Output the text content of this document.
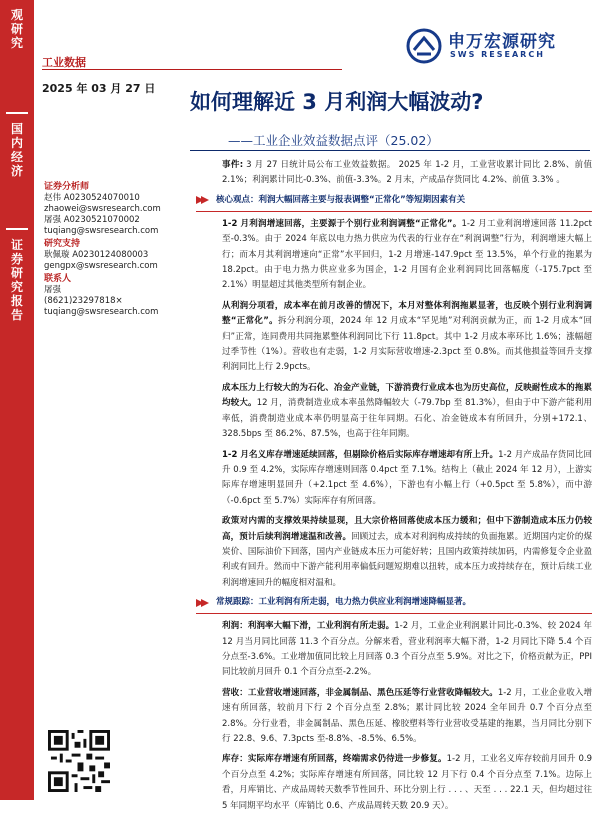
观
研
究
国
内
经
济
证
券
研
究
报
告
工业数据
2025 年 03 月 27 日
申万宏源研究
SWS RESEARCH
如何理解近 3 月利润大幅波动?
——工业企业效益数据点评（25.02）
证券分析师
赵伟 A0230524070010
zhaowei@swsresearch.com
屠强 A0230521070002
tuqiang@swsresearch.com
研究支持
耿佩璇 A0230124080003
gengpx@swsresearch.com
联系人
屠强
(8621)23297818×
tuqiang@swsresearch.com

事件: 3 月 27 日统计局公布工业效益数据。 2025 年 1-2 月，工业营收累计同比 2.8%、前值 2.1%；利润累计同比-0.3%、前值-3.3%。2 月末，产成品存货同比 4.2%、前值 3.3% 。

核心观点：利润大幅回落主要与报表调整“正常化”等短期因素有关

1-2 月利润增速回落，主要源于个别行业利润调整“正常化”。1-2 月工业利润增速回落 11.2pct 至-0.3%。由于 2024 年底以电力热力供应为代表的行业存在“利润调整”行为，利润增速大幅上行；而本月其利润增速向“正常”水平回归，1-2 月增速-147.9pct 至 13.5%，单个行业的拖累为 18.2pct。由于电力热力供应业多为国企，1-2 月国有企业利润同比回落幅度（-175.7pct 至 2.1%）明显超过其他类型所有制企业。

从利润分项看，成本率在前月改善的情况下，本月对整体利润拖累显著，也反映个别行业利润调整“正常化”。拆分利润分项，2024 年 12 月成本“罕见地”对利润贡献为正，而 1-2 月成本“回归”正常，连同费用共同拖累整体利润同比下行 11.8pct。其中 1-2 月成本率环比 1.6%；涨幅超过季节性（1%）。营收也有走弱，1-2 月实际营收增速-2.3pct 至 0.8%。而其他损益等回升支撑利润同比上行 2.9pcts。

成本压力上行较大的为石化、冶金产业链，下游消费行业成本也为历史高位，反映耐性成本的拖累均较大。12 月，消费制造业成本率虽然降幅较大（-79.7bp 至 81.3%），但由于中下游产能利用率低，消费制造业成本率仍明显高于往年同期。石化、冶金链成本有所回升，分别+172.1、328.5bps 至 86.2%、87.5%，也高于往年同期。

1-2 月名义库存增速延续回落，但剔除价格后实际库存增速却有所上升。1-2 月产成品存货同比回升 0.9 至 4.2%，实际库存增速则回落 0.4pct 至 7.1%。结构上（截止 2024 年 12 月），上游实际库存增速明显回升（+2.1pct 至 4.6%），下游也有小幅上行（+0.5pct 至 5.8%），而中游（-0.6pct 至 5.7%）实际库存有所回落。

政策对内需的支撑效果持续显现，且大宗价格回落使成本压力缓和；但中下游制造成本压力仍较高，预计后续利润增速温和改善。回顾过去，成本对利润构成持续的负面拖累。近期国内定价的煤炭价、国际油价下回落，国内产业链成本压力可能好转；且国内政策持续加码，内需修复令企业盈利或有回升。然而中下游产能利用率偏低问题短期难以扭转，成本压力或持续存在，预计后续工业利润增速回升的幅度相对温和。

常规跟踪：工业利润有所走弱，电力热力供应业利润增速降幅显著。

利润：利润率大幅下滑，工业利润有所走弱。1-2 月，工业企业利润累计同比-0.3%、较 2024 年 12 月当月同比回落 11.3 个百分点。分解来看，营业利润率大幅下滑，1-2 月同比下降 5.4 个百分点至-3.6%。工业增加值同比较上月回落 0.3 个百分点至 5.9%。对比之下，价格贡献为正，PPI 同比较前月回升 0.1 个百分点至-2.2%。

营收：工业营收增速回落，非金属制品、黑色压延等行业营收降幅较大。1-2 月，工业企业收入增速有所回落，较前月下行 2 个百分点至 2.8%；累计同比较 2024 全年回升 0.7 个百分点至 2.8%。分行业看，非金属制品、黑色压延、橡胶塑料等行业营收受基建的拖累，当月同比分别下行 22.8、9.6、7.3pcts 至-8.8%、-8.5%、6.5%。

库存：实际库存增速有所回落，终端需求仍待进一步修复。1-2 月，工业名义库存较前月回升 0.9 个百分点至 4.2%；实际库存增速有所回落，同比较 12 月下行 0.4 个百分点至 7.1%。边际上看，月库销比、产成品周转天数季节性回升、环比分别上行 . . . 、天至 . . . 22.1 天，但均超过往 5 年同期平均水平（库销比 0.6、产成品周转天数 20.9 天）。
